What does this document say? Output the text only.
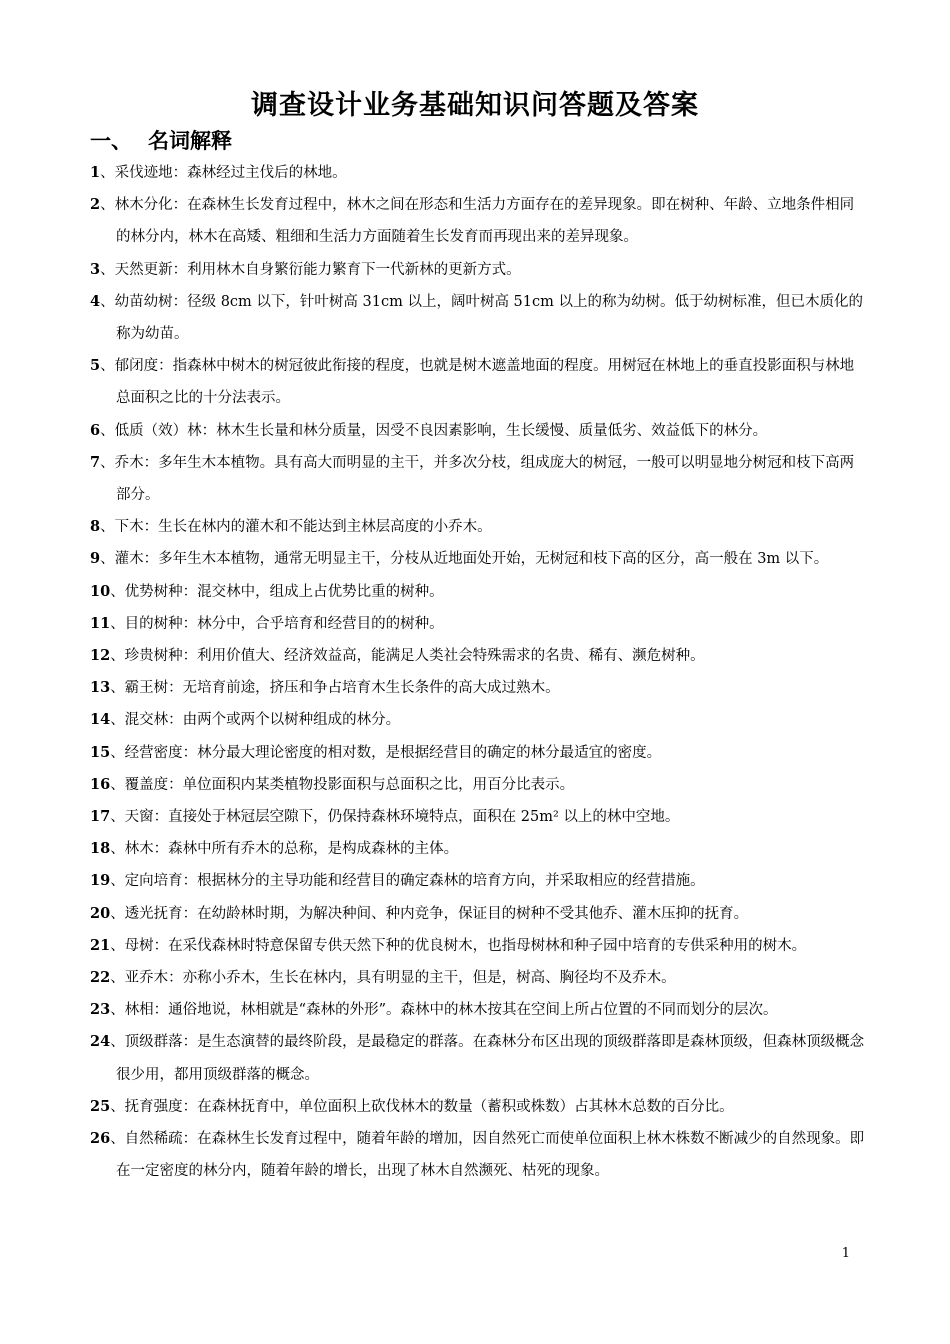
调查设计业务基础知识问答题及答案
一、 名词解释
1、采伐迹地：森林经过主伐后的林地。
2、林木分化：在森林生长发育过程中，林木之间在形态和生活力方面存在的差异现象。即在树种、年龄、立地条件相同的林分内，林木在高矮、粗细和生活力方面随着生长发育而再现出来的差异现象。
3、天然更新：利用林木自身繁衍能力繁育下一代新林的更新方式。
4、幼苗幼树：径级 8cm 以下，针叶树高 31cm 以上，阔叶树高 51cm 以上的称为幼树。低于幼树标准，但已木质化的称为幼苗。
5、郁闭度：指森林中树木的树冠彼此衔接的程度，也就是树木遮盖地面的程度。用树冠在林地上的垂直投影面积与林地总面积之比的十分法表示。
6、低质（效）林：林木生长量和林分质量，因受不良因素影响，生长缓慢、质量低劣、效益低下的林分。
7、乔木：多年生木本植物。具有高大而明显的主干，并多次分枝，组成庞大的树冠，一般可以明显地分树冠和枝下高两部分。
8、下木：生长在林内的灌木和不能达到主林层高度的小乔木。
9、灌木：多年生木本植物，通常无明显主干，分枝从近地面处开始，无树冠和枝下高的区分，高一般在 3m 以下。
10、优势树种：混交林中，组成上占优势比重的树种。
11、目的树种：林分中，合乎培育和经营目的的树种。
12、珍贵树种：利用价值大、经济效益高，能满足人类社会特殊需求的名贵、稀有、濒危树种。
13、霸王树：无培育前途，挤压和争占培育木生长条件的高大成过熟木。
14、混交林：由两个或两个以树种组成的林分。
15、经营密度：林分最大理论密度的相对数，是根据经营目的确定的林分最适宜的密度。
16、覆盖度：单位面积内某类植物投影面积与总面积之比，用百分比表示。
17、天窗：直接处于林冠层空隙下，仍保持森林环境特点，面积在 25m² 以上的林中空地。
18、林木：森林中所有乔木的总称，是构成森林的主体。
19、定向培育：根据林分的主导功能和经营目的确定森林的培育方向，并采取相应的经营措施。
20、透光抚育：在幼龄林时期，为解决种间、种内竞争，保证目的树种不受其他乔、灌木压抑的抚育。
21、母树：在采伐森林时特意保留专供天然下种的优良树木，也指母树林和种子园中培育的专供采种用的树木。
22、亚乔木：亦称小乔木，生长在林内，具有明显的主干，但是，树高、胸径均不及乔木。
23、林相：通俗地说，林相就是“森林的外形”。森林中的林木按其在空间上所占位置的不同而划分的层次。
24、顶级群落：是生态演替的最终阶段，是最稳定的群落。在森林分布区出现的顶级群落即是森林顶级，但森林顶级概念很少用，都用顶级群落的概念。
25、抚育强度：在森林抚育中，单位面积上砍伐林木的数量（蓄积或株数）占其林木总数的百分比。
26、自然稀疏：在森林生长发育过程中，随着年龄的增加，因自然死亡而使单位面积上林木株数不断减少的自然现象。即在一定密度的林分内，随着年龄的增长，出现了林木自然濒死、枯死的现象。
1
